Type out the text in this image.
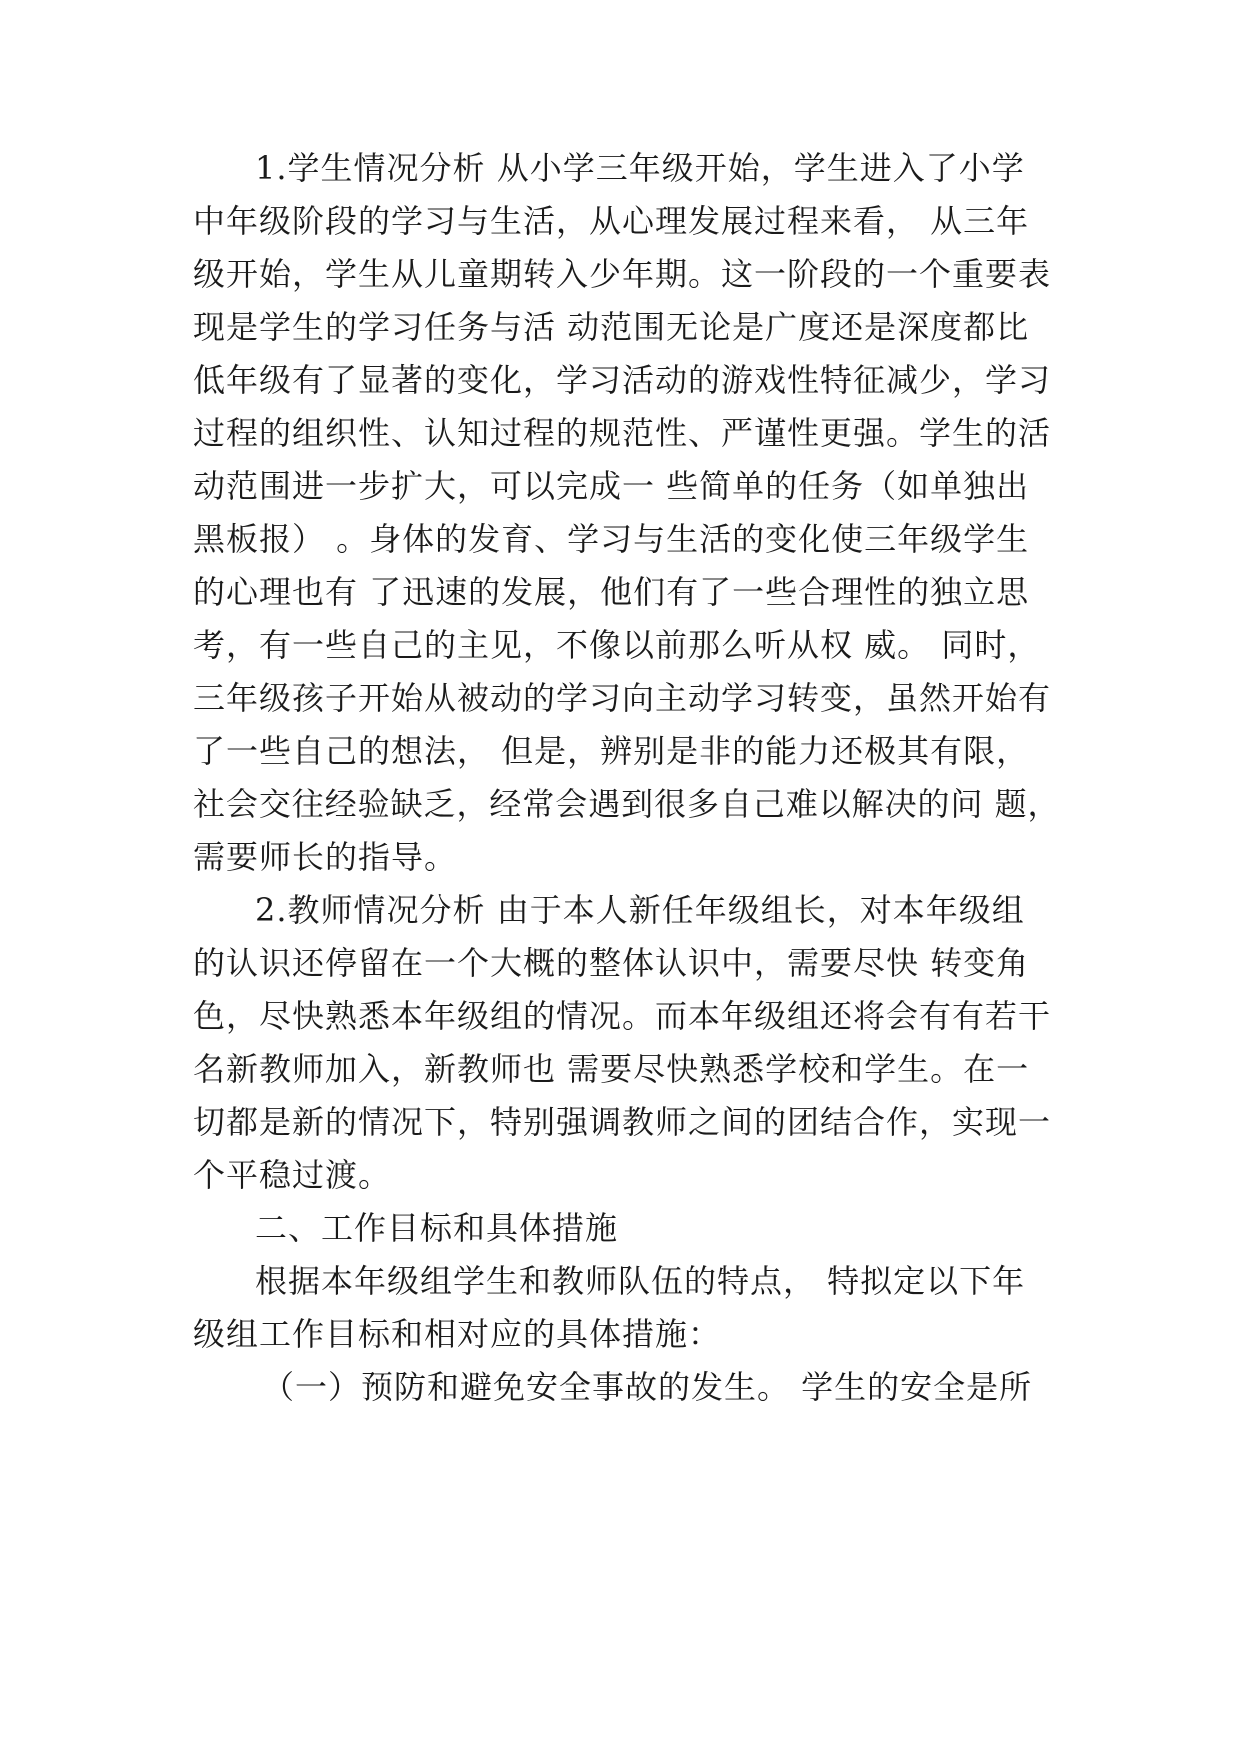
1.学生情况分析 从小学三年级开始，学生进入了小学
中年级阶段的学习与生活，从心理发展过程来看， 从三年
级开始，学生从儿童期转入少年期。这一阶段的一个重要表
现是学生的学习任务与活 动范围无论是广度还是深度都比
低年级有了显著的变化，学习活动的游戏性特征减少，学习
过程的组织性、认知过程的规范性、严谨性更强。学生的活
动范围进一步扩大，可以完成一 些简单的任务（如单独出
黑板报） 。身体的发育、学习与生活的变化使三年级学生
的心理也有 了迅速的发展，他们有了一些合理性的独立思
考，有一些自己的主见，不像以前那么听从权 威。 同时，
三年级孩子开始从被动的学习向主动学习转变，虽然开始有
了一些自己的想法， 但是，辨别是非的能力还极其有限，
社会交往经验缺乏，经常会遇到很多自己难以解决的问 题，
需要师长的指导。
2.教师情况分析 由于本人新任年级组长，对本年级组
的认识还停留在一个大概的整体认识中，需要尽快 转变角
色，尽快熟悉本年级组的情况。而本年级组还将会有有若干
名新教师加入，新教师也 需要尽快熟悉学校和学生。在一
切都是新的情况下，特别强调教师之间的团结合作，实现一
个平稳过渡。
二、工作目标和具体措施
根据本年级组学生和教师队伍的特点， 特拟定以下年
级组工作目标和相对应的具体措施：
（一）预防和避免安全事故的发生。 学生的安全是所
